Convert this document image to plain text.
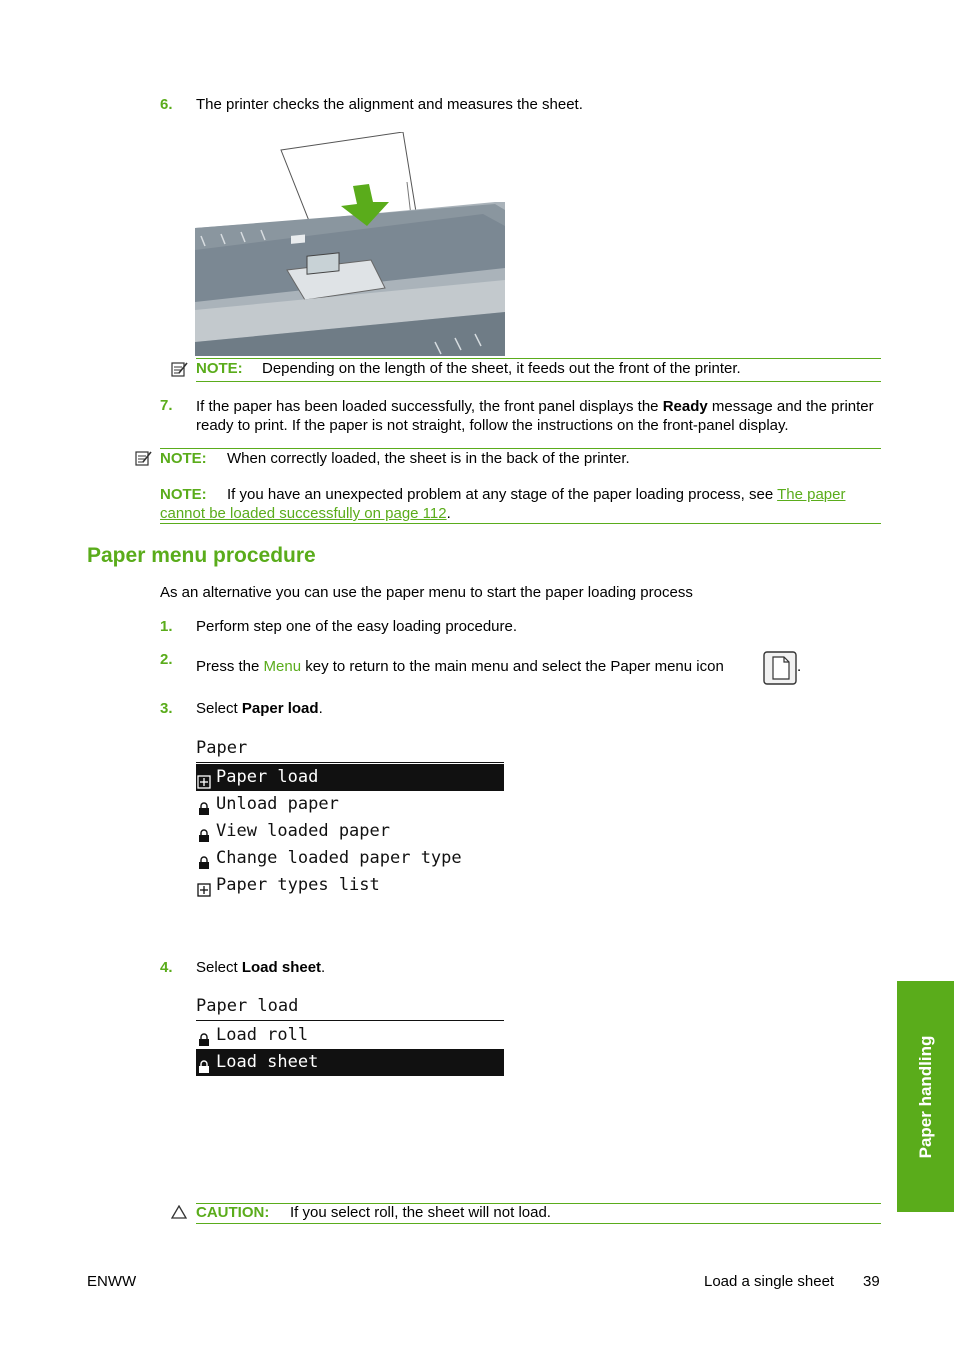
6. The printer checks the alignment and measures the sheet.
NOTE: Depending on the length of the sheet, it feeds out the front of the printer.
7. If the paper has been loaded successfully, the front panel displays the Ready message and the printer ready to print. If the paper is not straight, follow the instructions on the front-panel display.
NOTE: When correctly loaded, the sheet is in the back of the printer.
NOTE: If you have an unexpected problem at any stage of the paper loading process, see The paper
cannot be loaded successfully on page 112.
Paper menu procedure
As an alternative you can use the paper menu to start the paper loading process
1. Perform step one of the easy loading procedure.
2. Press the Menu key to return to the main menu and select the Paper menu icon	.
3. Select Paper load.
Paper
Paper load
Unload paper
View loaded paper
Change loaded paper type
Paper types list
4. Select Load sheet.
Paper load
Load roll
Load sheet
CAUTION: If you select roll, the sheet will not load.
Paper handling
ENWW	Load a single sheet 39
